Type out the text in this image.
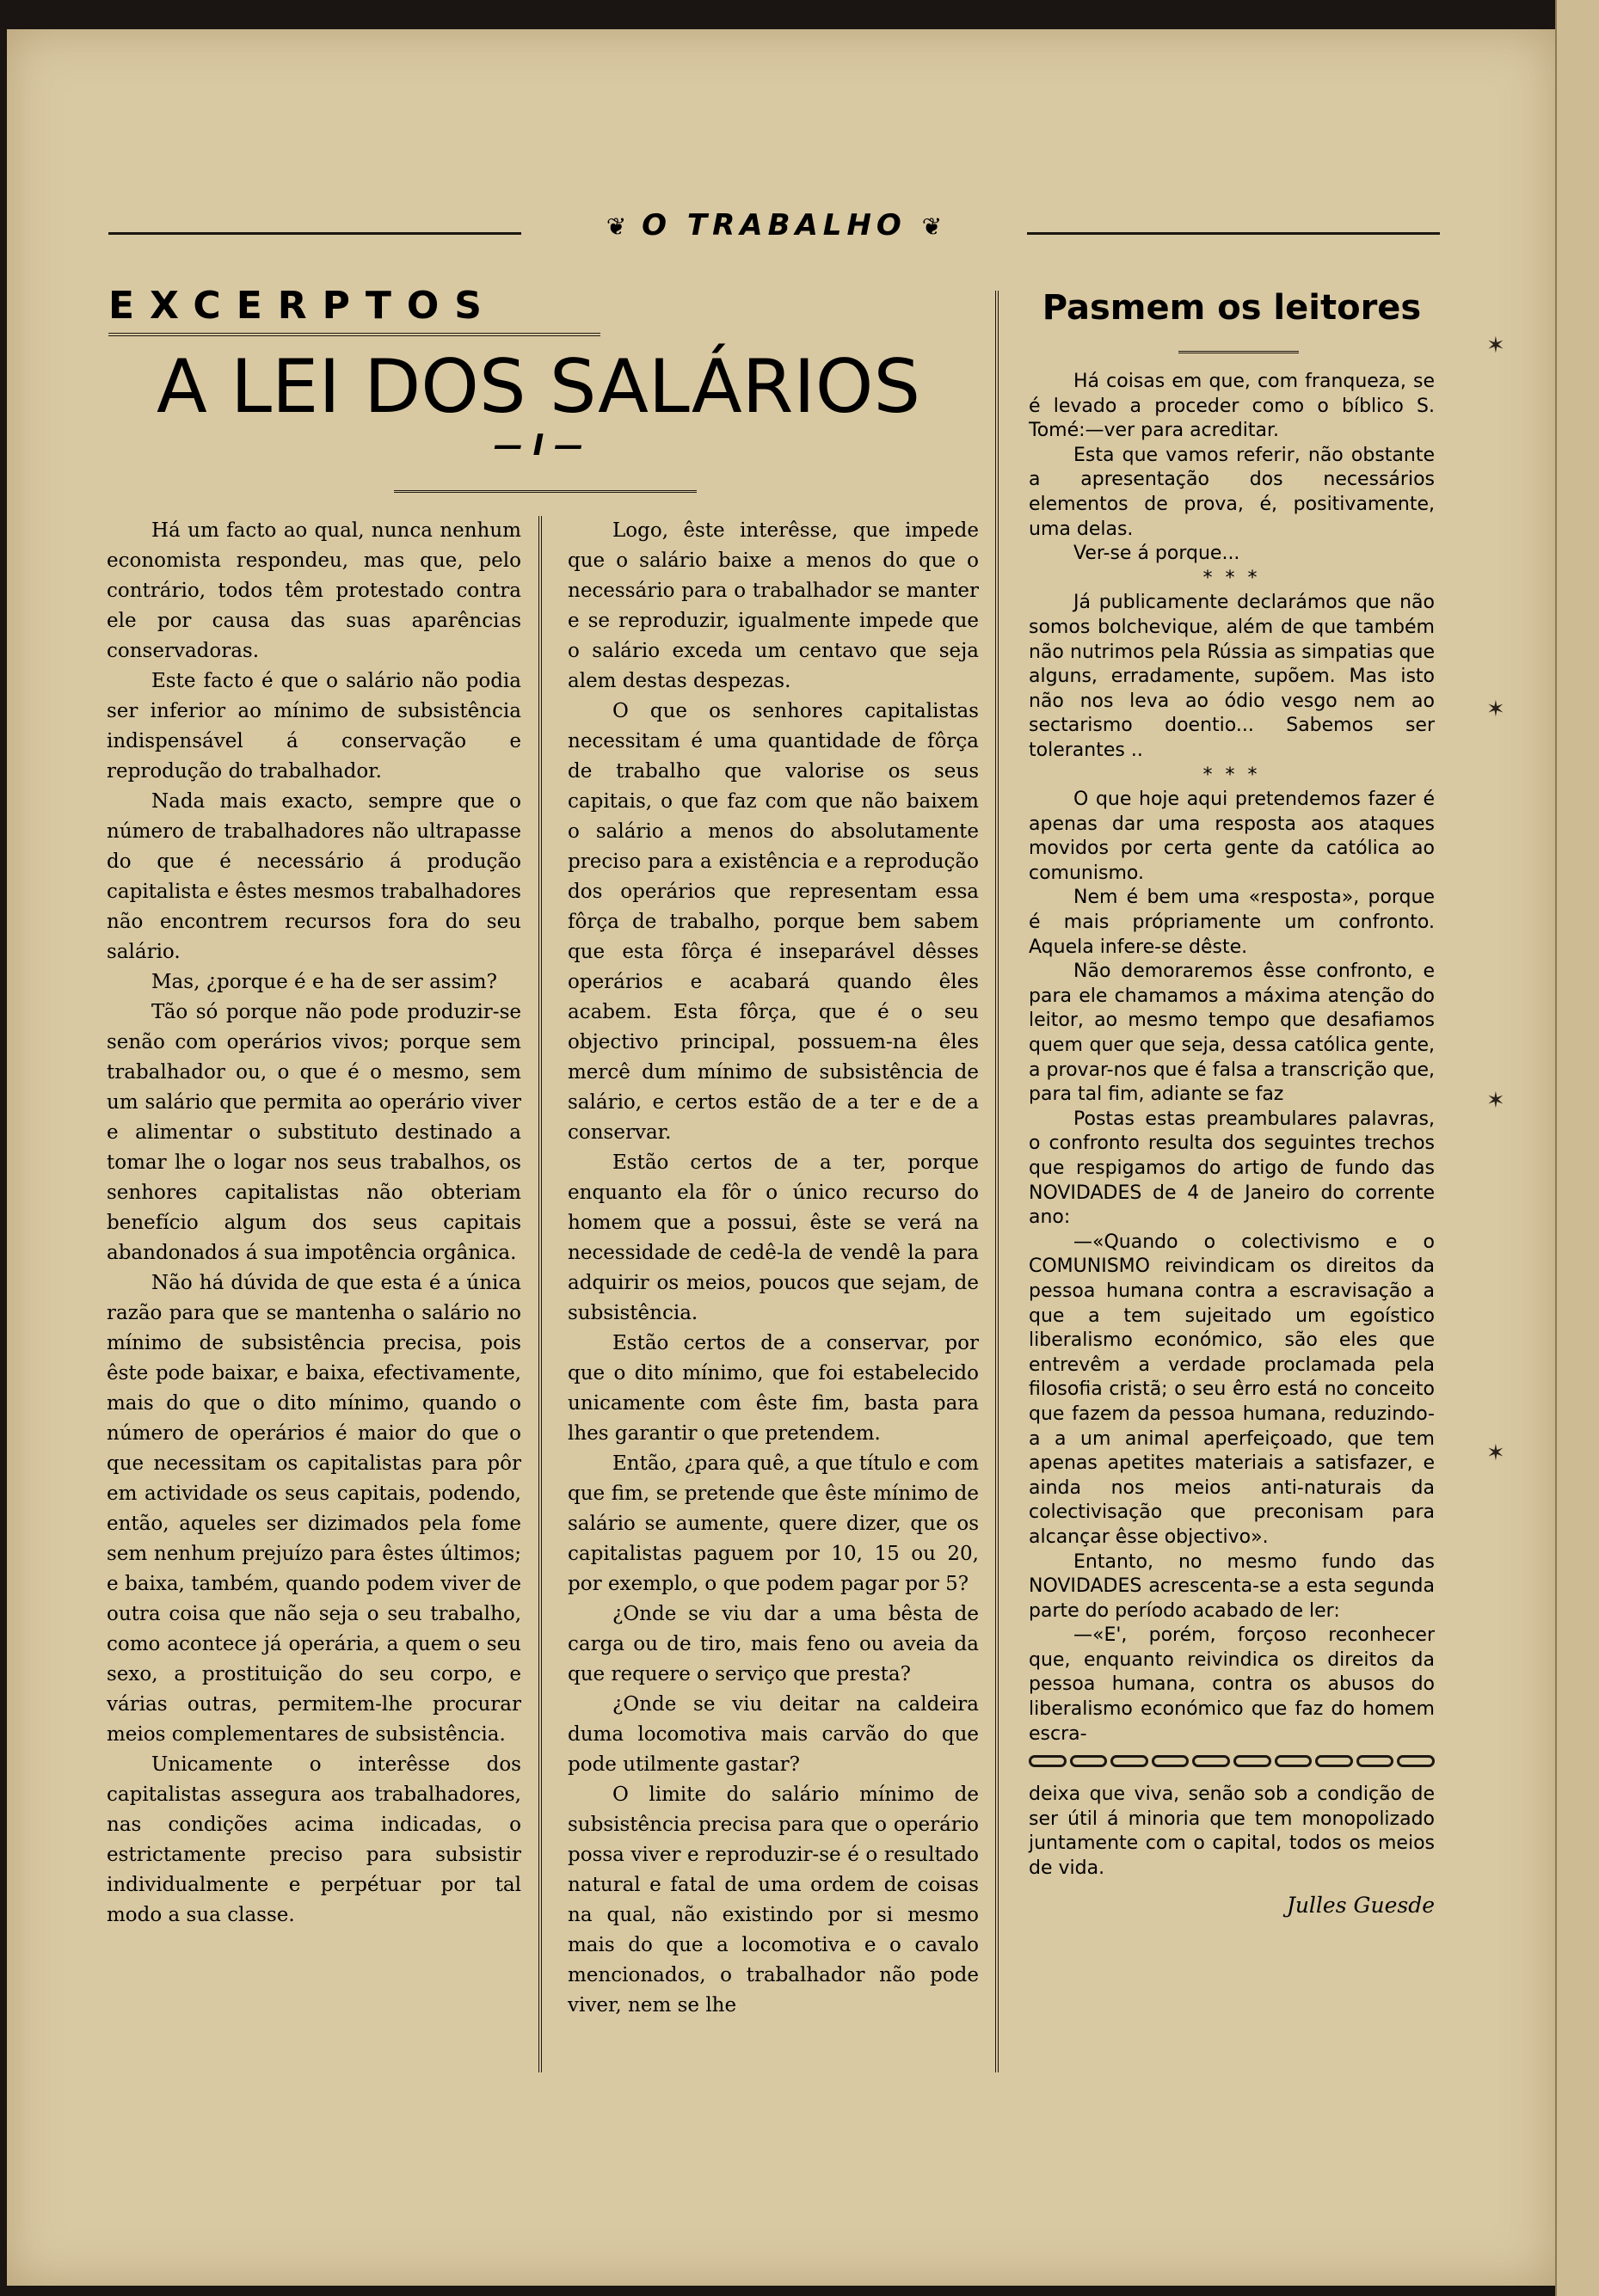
✶
✶
✶
✶
❦ O TRABALHO ❦
EXCERPTOS
A LEI DOS SALÁRIOS
— I —

Há um facto ao qual, nunca nenhum economista respondeu, mas que, pelo contrário, todos têm protestado contra ele por causa das suas aparências conservadoras.

Este facto é que o salário não podia ser inferior ao mínimo de subsistência indispensável á conservação e reprodução do trabalhador.

Nada mais exacto, sempre que o número de trabalhadores não ultrapasse do que é necessário á produção capitalista e êstes mesmos trabalhadores não encontrem recursos fora do seu salário.

Mas, ¿porque é e ha de ser assim?

Tão só porque não pode produzir-se senão com operários vivos; porque sem trabalhador ou, o que é o mesmo, sem um salário que permita ao operário viver e alimentar o substituto destinado a tomar lhe o logar nos seus trabalhos, os senhores capitalistas não obteriam benefício algum dos seus capitais abandonados á sua impotência orgânica.

Não há dúvida de que esta é a única razão para que se mantenha o salário no mínimo de subsistência precisa, pois êste pode baixar, e baixa, efectivamente, mais do que o dito mínimo, quando o número de operários é maior do que o que necessitam os capitalistas para pôr em actividade os seus capitais, podendo, então, aqueles ser dizimados pela fome sem nenhum prejuízo para êstes últimos; e baixa, também, quando podem viver de outra coisa que não seja o seu trabalho, como acontece já operária, a quem o seu sexo, a prostituição do seu corpo, e várias outras, permitem-lhe procurar meios complementares de subsistência.

Unicamente o interêsse dos capitalistas assegura aos trabalhadores, nas condições acima indicadas, o estrictamente preciso para subsistir individualmente e perpétuar por tal modo a sua classe.

Logo, êste interêsse, que impede que o salário baixe a menos do que o necessário para o trabalhador se manter e se reproduzir, igualmente impede que o salário exceda um centavo que seja alem destas despezas.

O que os senhores capitalistas necessitam é uma quantidade de fôrça de trabalho que valorise os seus capitais, o que faz com que não baixem o salário a menos do absolutamente preciso para a existência e a reprodução dos operários que representam essa fôrça de trabalho, porque bem sabem que esta fôrça é inseparável dêsses operários e acabará quando êles acabem. Esta fôrça, que é o seu objectivo principal, possuem-na êles mercê dum mínimo de subsistência de salário, e certos estão de a ter e de a conservar.

Estão certos de a ter, porque enquanto ela fôr o único recurso do homem que a possui, êste se verá na necessidade de cedê-la de vendê la para adquirir os meios, poucos que sejam, de subsistência.

Estão certos de a conservar, por que o dito mínimo, que foi estabelecido unicamente com êste fim, basta para lhes garantir o que pretendem.

Então, ¿para quê, a que título e com que fim, se pretende que êste mínimo de salário se aumente, quere dizer, que os capitalistas paguem por 10, 15 ou 20, por exemplo, o que podem pagar por 5?

¿Onde se viu dar a uma bêsta de carga ou de tiro, mais feno ou aveia da que requere o serviço que presta?

¿Onde se viu deitar na caldeira duma locomotiva mais carvão do que pode utilmente gastar?

O limite do salário mínimo de subsistência precisa para que o operário possa viver e reproduzir-se é o resultado natural e fatal de uma ordem de coisas na qual, não existindo por si mesmo mais do que a locomotiva e o cavalo mencionados, o trabalhador não pode viver, nem se lhe

Pasmem os leitores

Há coisas em que, com franqueza, se é levado a proceder como o bíblico S. Tomé:—ver para acreditar.

Esta que vamos referir, não obstante a apresentação dos necessários elementos de prova, é, positivamente, uma delas.

Ver-se á porque...

* * *

Já publicamente declarámos que não somos bolchevique, além de que também não nutrimos pela Rússia as simpatias que alguns, erradamente, supõem. Mas isto não nos leva ao ódio vesgo nem ao sectarismo doentio... Sabemos ser tolerantes ..

* * *

O que hoje aqui pretendemos fazer é apenas dar uma resposta aos ataques movidos por certa gente da católica ao comunismo.

Nem é bem uma «resposta», porque é mais própriamente um confronto. Aquela infere-se dêste.

Não demoraremos êsse confronto, e para ele chamamos a máxima atenção do leitor, ao mesmo tempo que desafiamos quem quer que seja, dessa católica gente, a provar-nos que é falsa a transcrição que, para tal fim, adiante se faz

Postas estas preambulares palavras, o confronto resulta dos seguintes trechos que respigamos do artigo de fundo das NOVIDADES de 4 de Janeiro do corrente ano:

—«Quando o colectivismo e o COMUNISMO reivindicam os direitos da pessoa humana contra a escravisação a que a tem sujeitado um egoístico liberalismo económico, são eles que entrevêm a verdade proclamada pela filosofia cristã; o seu êrro está no conceito que fazem da pessoa humana, reduzindo-a a um animal aperfeiçoado, que tem apenas apetites materiais a satisfazer, e ainda nos meios anti-naturais da colectivisação que preconisam para alcançar êsse objectivo».

Entanto, no mesmo fundo das NOVIDADES acrescenta-se a esta segunda parte do período acabado de ler:

—«E', porém, forçoso reconhecer que, enquanto reivindica os direitos da pessoa humana, contra os abusos do liberalismo económico que faz do homem escra-

deixa que viva, senão sob a condição de ser útil á minoria que tem monopolizado juntamente com o capital, todos os meios de vida.

Julles Guesde
